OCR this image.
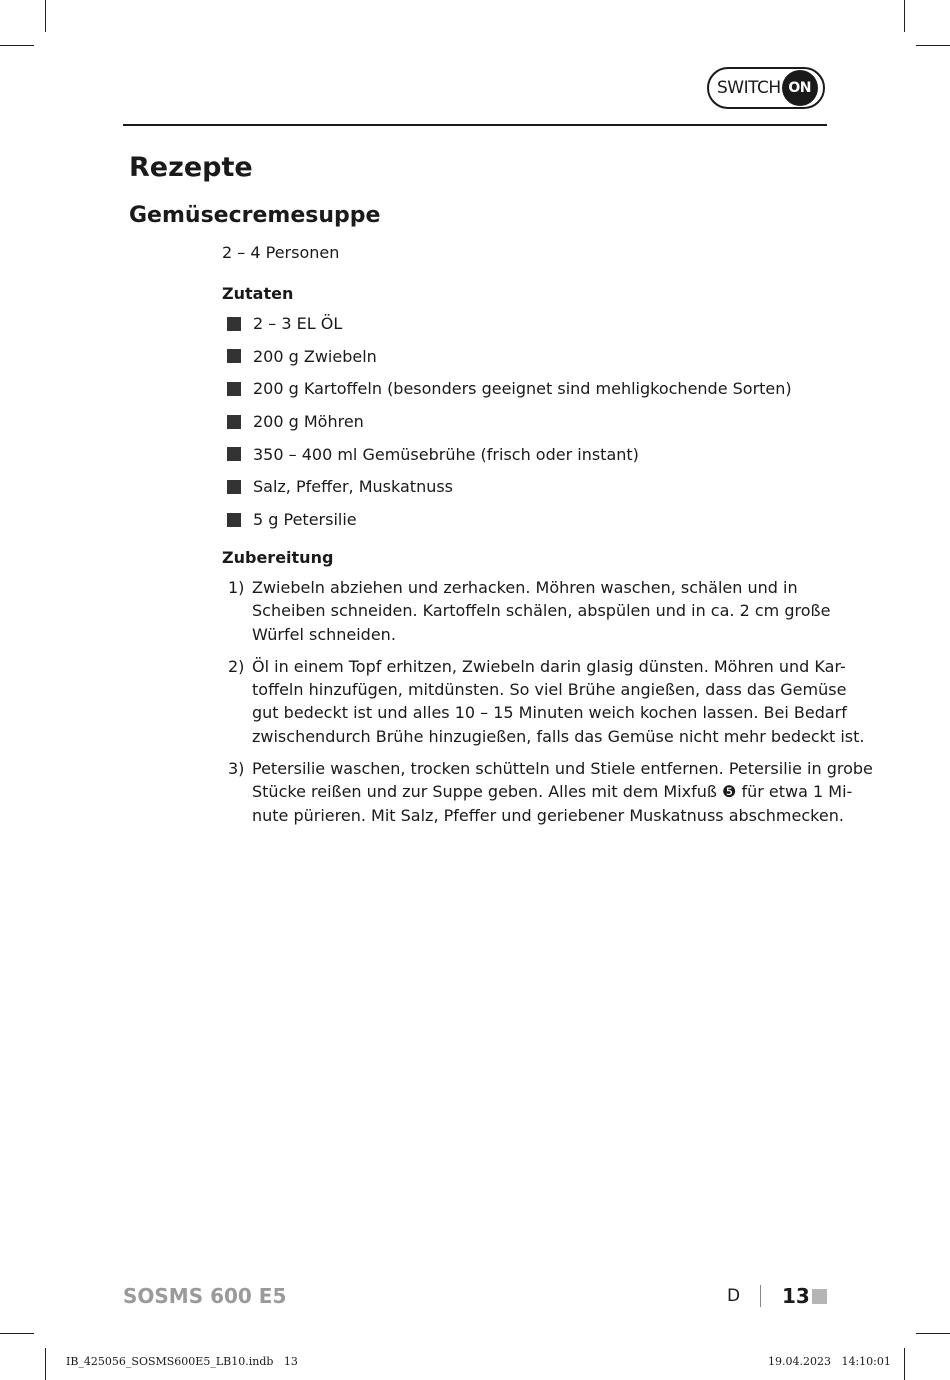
SWITCH ON
Rezepte
Gemüsecremesuppe
2 – 4 Personen
Zutaten
2 – 3 EL ÖL
200 g Zwiebeln
200 g Kartoffeln (besonders geeignet sind mehligkochende Sorten)
200 g Möhren
350 – 400 ml Gemüsebrühe (frisch oder instant)
Salz, Pfeffer, Muskatnuss
5 g Petersilie
Zubereitung
1) Zwiebeln abziehen und zerhacken. Möhren waschen, schälen und in
Scheiben schneiden. Kartoffeln schälen, abspülen und in ca. 2 cm große
Würfel schneiden.
2) Öl in einem Topf erhitzen, Zwiebeln darin glasig dünsten. Möhren und Kar-
toffeln hinzufügen, mitdünsten. So viel Brühe angießen, dass das Gemüse
gut bedeckt ist und alles 10 – 15 Minuten weich kochen lassen. Bei Bedarf
zwischendurch Brühe hinzugießen, falls das Gemüse nicht mehr bedeckt ist.
3) Petersilie waschen, trocken schütteln und Stiele entfernen. Petersilie in grobe
Stücke reißen und zur Suppe geben. Alles mit dem Mixfuß ❺ für etwa 1 Mi-
nute pürieren. Mit Salz, Pfeffer und geriebener Muskatnuss abschmecken.
SOSMS 600 E5	D 13
IB_425056_SOSMS600E5_LB10.indb   13	19.04.2023   14:10:01
